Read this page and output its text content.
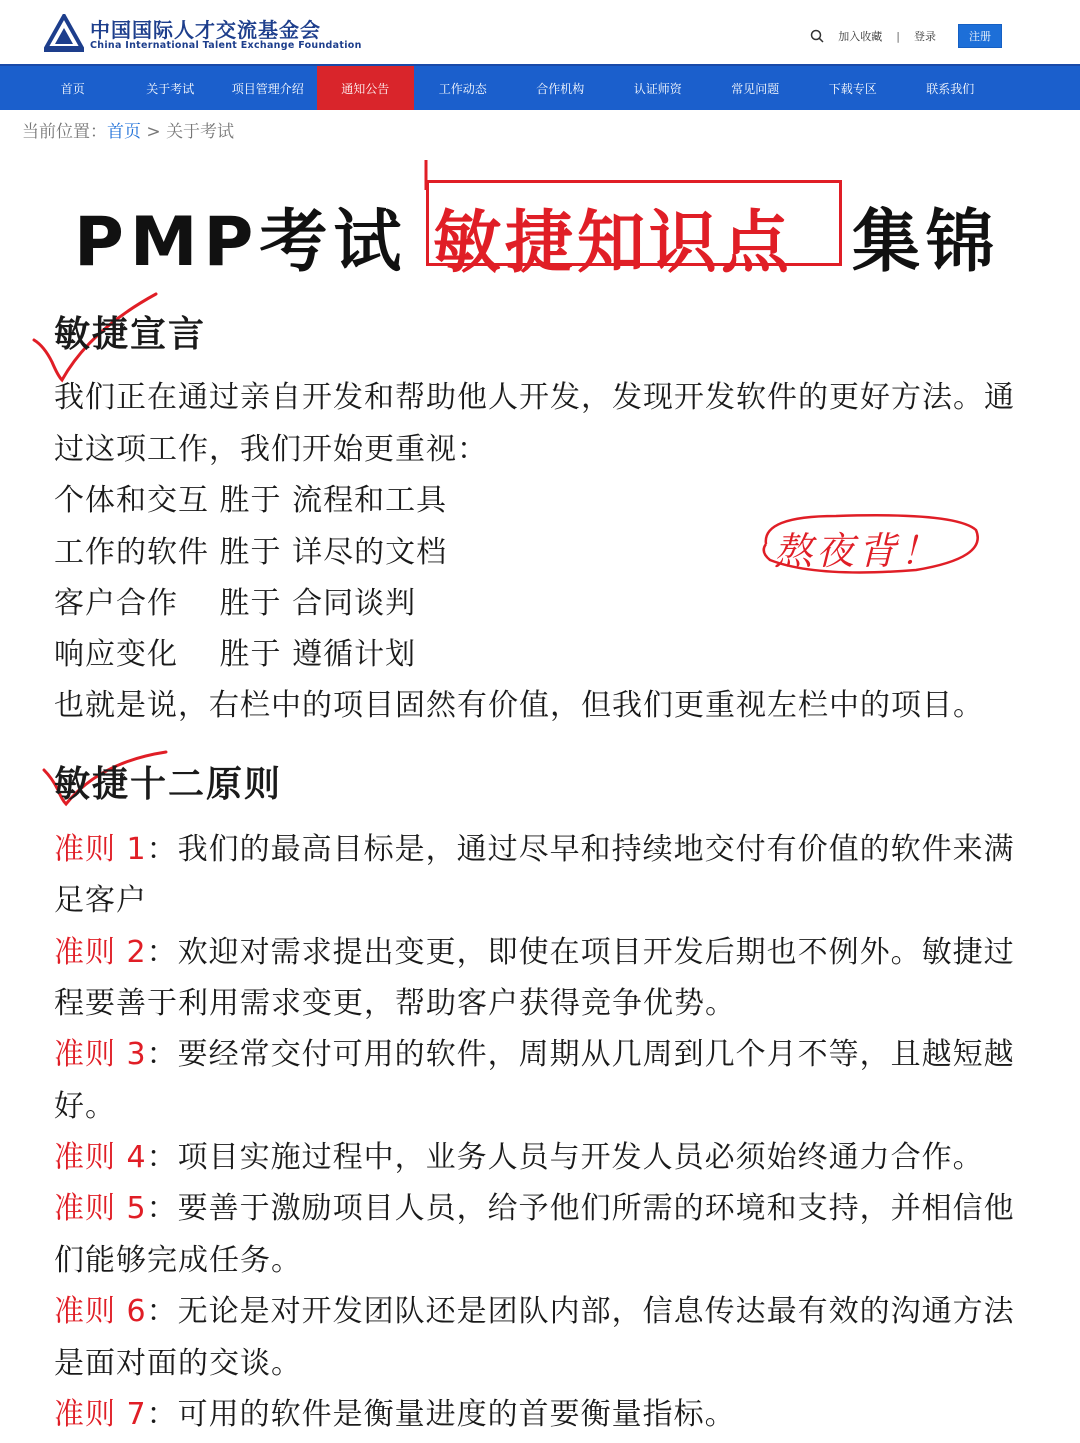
中国国际人才交流基金会
China International Talent Exchange Foundation
加入收藏 | 登录	注册
首页	关于考试	项目管理介绍	通知公告	工作动态	合作机构	认证师资	常见问题	下载专区	联系我们
当前位置：首页 > 关于考试
PMP考试 敏捷知识点 集锦
敏捷宣言
我们正在通过亲自开发和帮助他人开发，发现开发软件的更好方法。通
过这项工作，我们开始更重视：
个体和交互 胜于 流程和工具
工作的软件 胜于 详尽的文档
客户合作　 胜于 合同谈判
响应变化　 胜于 遵循计划
也就是说，右栏中的项目固然有价值，但我们更重视左栏中的项目。
熬夜背！
敏捷十二原则
准则 1：我们的最高目标是，通过尽早和持续地交付有价值的软件来满
足客户
准则 2：欢迎对需求提出变更，即使在项目开发后期也不例外。敏捷过
程要善于利用需求变更，帮助客户获得竞争优势。
准则 3：要经常交付可用的软件，周期从几周到几个月不等，且越短越
好。
准则 4：项目实施过程中，业务人员与开发人员必须始终通力合作。
准则 5：要善于激励项目人员，给予他们所需的环境和支持，并相信他
们能够完成任务。
准则 6：无论是对开发团队还是团队内部，信息传达最有效的沟通方法
是面对面的交谈。
准则 7：可用的软件是衡量进度的首要衡量指标。
